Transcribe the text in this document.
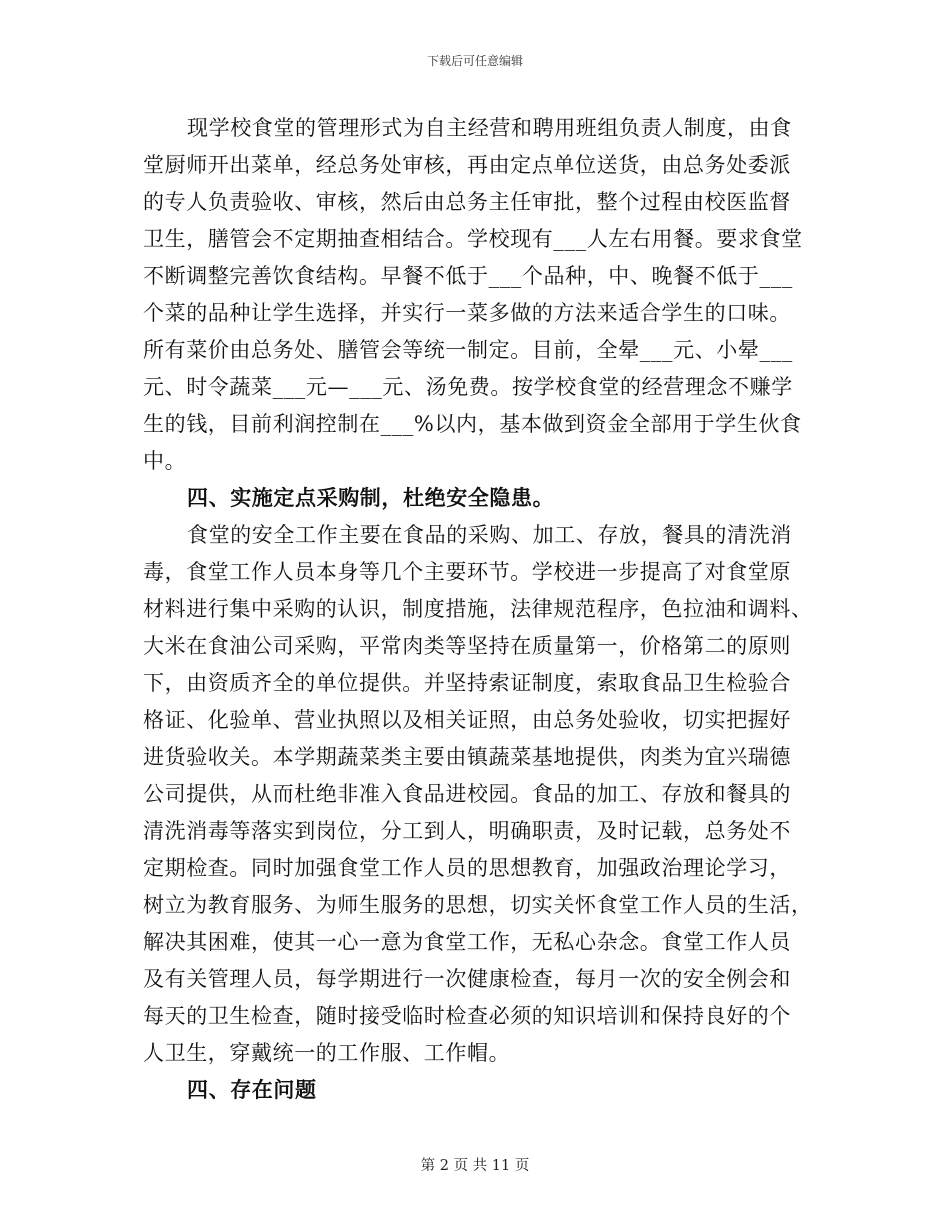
下载后可任意编辑
现学校食堂的管理形式为自主经营和聘用班组负责人制度，由食
堂厨师开出菜单，经总务处审核，再由定点单位送货，由总务处委派
的专人负责验收、审核，然后由总务主任审批，整个过程由校医监督
卫生，膳管会不定期抽查相结合。学校现有___人左右用餐。要求食堂
不断调整完善饮食结构。早餐不低于___个品种，中、晚餐不低于___
个菜的品种让学生选择，并实行一菜多做的方法来适合学生的口味。
所有菜价由总务处、膳管会等统一制定。目前，全晕___元、小晕___
元、时令蔬菜___元—___元、汤免费。按学校食堂的经营理念不赚学
生的钱，目前利润控制在___%以内，基本做到资金全部用于学生伙食
中。
四、实施定点采购制，杜绝安全隐患。
食堂的安全工作主要在食品的采购、加工、存放，餐具的清洗消
毒，食堂工作人员本身等几个主要环节。学校进一步提高了对食堂原
材料进行集中采购的认识，制度措施，法律规范程序，色拉油和调料、
大米在食油公司采购，平常肉类等坚持在质量第一，价格第二的原则
下，由资质齐全的单位提供。并坚持索证制度，索取食品卫生检验合
格证、化验单、营业执照以及相关证照，由总务处验收，切实把握好
进货验收关。本学期蔬菜类主要由镇蔬菜基地提供，肉类为宜兴瑞德
公司提供，从而杜绝非准入食品进校园。食品的加工、存放和餐具的
清洗消毒等落实到岗位，分工到人，明确职责，及时记载，总务处不
定期检查。同时加强食堂工作人员的思想教育，加强政治理论学习，
树立为教育服务、为师生服务的思想，切实关怀食堂工作人员的生活，
解决其困难，使其一心一意为食堂工作，无私心杂念。食堂工作人员
及有关管理人员，每学期进行一次健康检查，每月一次的安全例会和
每天的卫生检查，随时接受临时检查必须的知识培训和保持良好的个
人卫生，穿戴统一的工作服、工作帽。
四、存在问题
第 2 页 共 11 页
